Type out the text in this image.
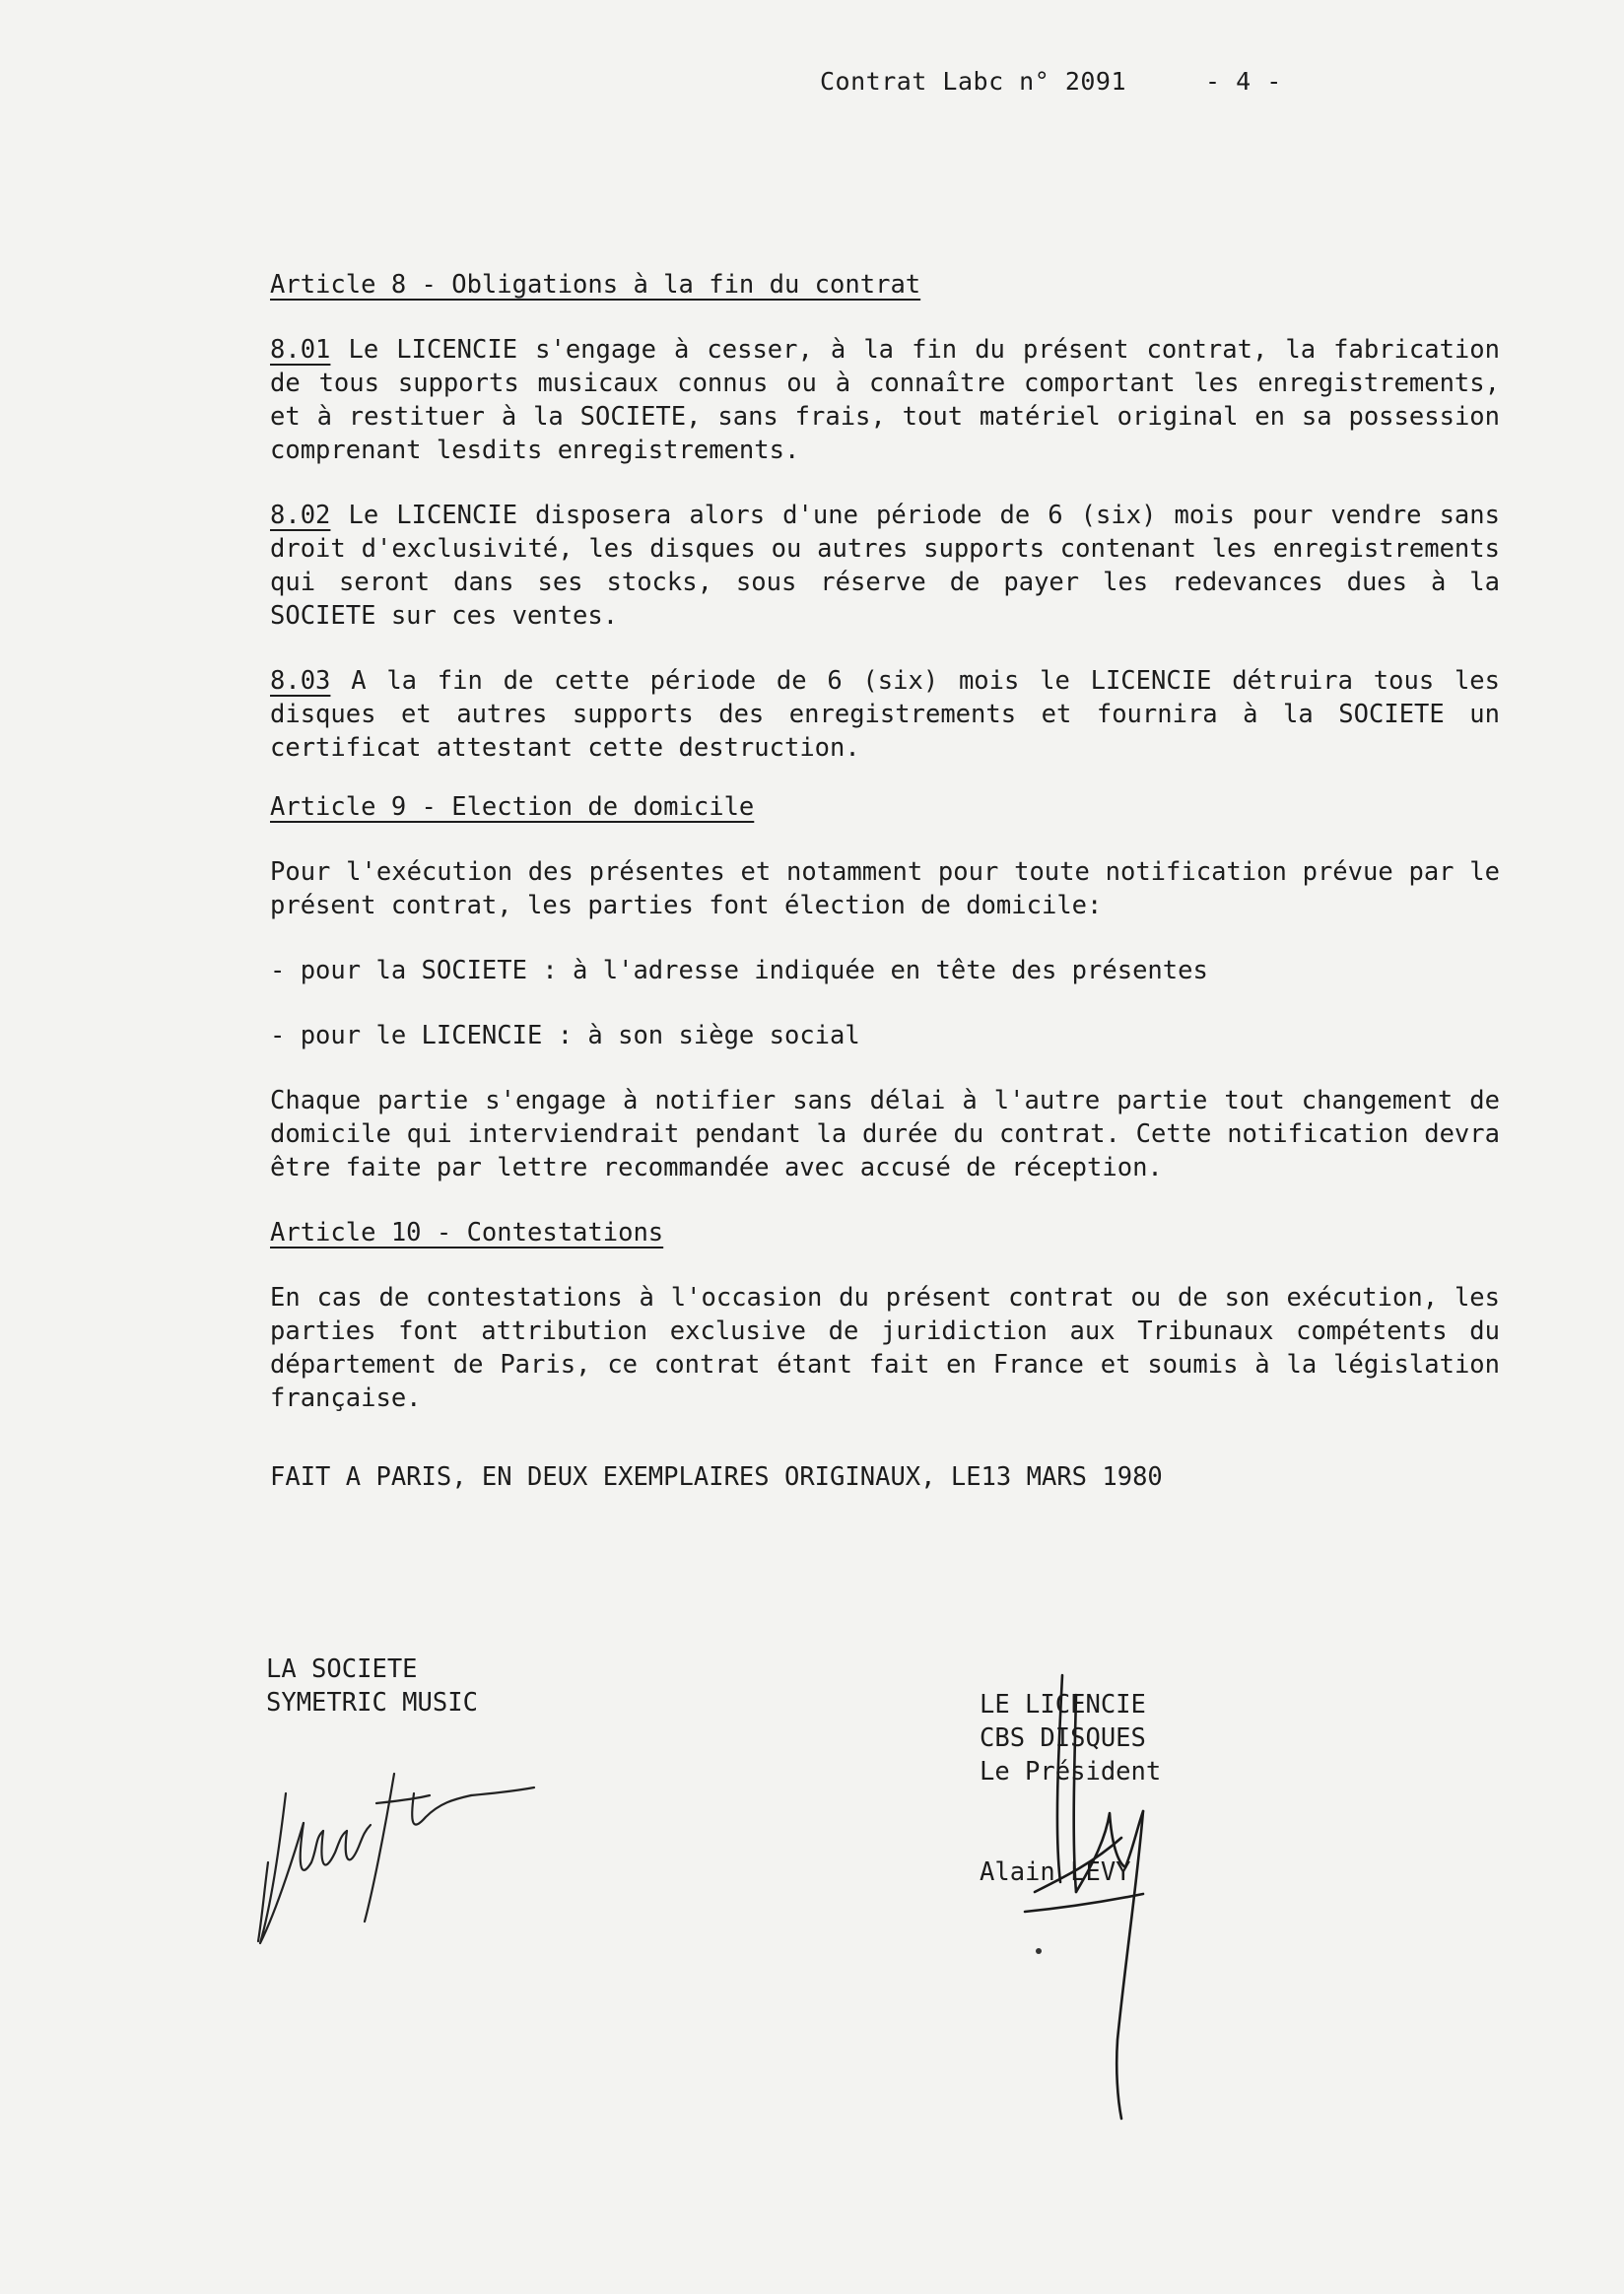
Contrat Labc n° 2091	- 4 -

Article 8 - Obligations à la fin du contrat

8.01 Le LICENCIE s'engage à cesser, à la fin du présent contrat, la fabrication de tous supports musicaux connus ou à connaître comportant les enregistrements, et à restituer à la SOCIETE, sans frais, tout matériel original en sa possession comprenant lesdits enregistrements.

8.02 Le LICENCIE disposera alors d'une période de 6 (six) mois pour vendre sans droit d'exclusivité, les disques ou autres supports contenant les enregistrements qui seront dans ses stocks, sous réserve de payer les redevances dues à la SOCIETE sur ces ventes.

8.03 A la fin de cette période de 6 (six) mois le LICENCIE détruira tous les disques et autres supports des enregistrements et fournira à la SOCIETE un certificat attestant cette destruction.

Article 9 - Election de domicile

Pour l'exécution des présentes et notamment pour toute notification prévue par le présent contrat, les parties font élection de domicile:

- pour la SOCIETE : à l'adresse indiquée en tête des présentes

- pour le LICENCIE : à son siège social

Chaque partie s'engage à notifier sans délai à l'autre partie tout changement de domicile qui interviendrait pendant la durée du contrat. Cette notification devra être faite par lettre recommandée avec accusé de réception.

Article 10 - Contestations

En cas de contestations à l'occasion du présent contrat ou de son exécution, les parties font attribution exclusive de juridiction aux Tribunaux compétents du département de Paris, ce contrat étant fait en France et soumis à la législation française.

FAIT A PARIS, EN DEUX EXEMPLAIRES ORIGINAUX, LE13 MARS 1980

LA SOCIETE
SYMETRIC MUSIC	LE LICENCIE
CBS DISQUES
Le Président
Alain LEVY
